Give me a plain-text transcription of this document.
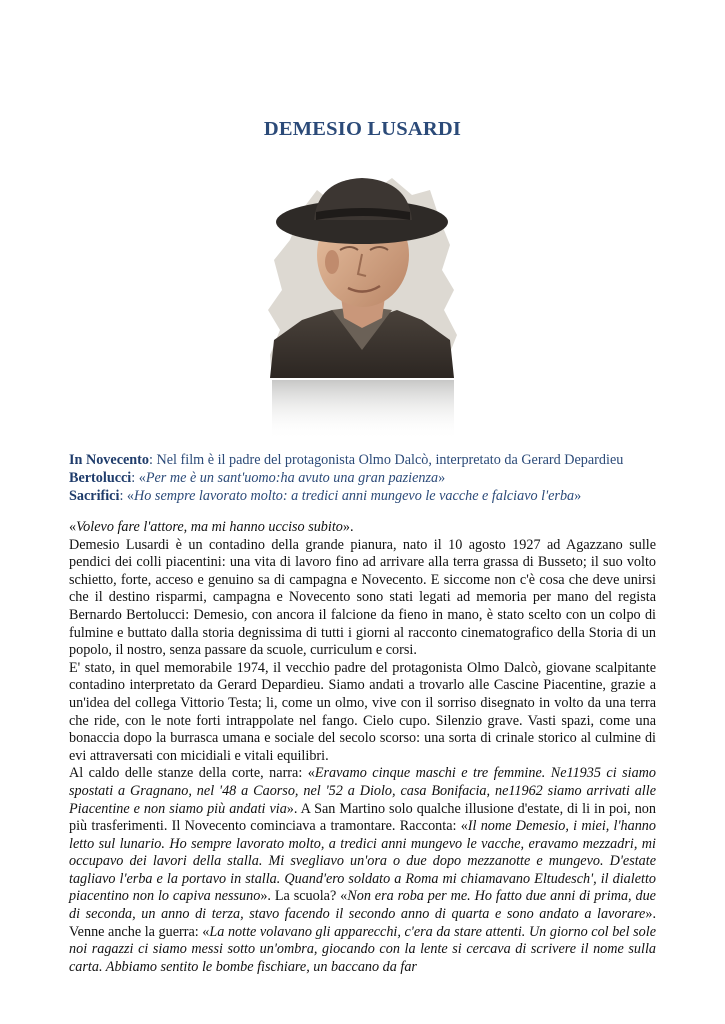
DEMESIO LUSARDI
In Novecento: Nel film è il padre del protagonista Olmo Dalcò, interpretato da Gerard Depardieu
Bertolucci: «Per me è un sant'uomo:ha avuto una gran pazienza»
Sacrifici: «Ho sempre lavorato molto: a tredici anni mungevo le vacche e falciavo l'erba»

«Volevo fare l'attore, ma mi hanno ucciso subito».

Demesio Lusardi è un contadino della grande pianura, nato il 10 agosto 1927 ad Agazzano sulle pendici dei colli piacentini: una vita di lavoro fino ad arrivare alla terra grassa di Busseto; il suo volto schietto, forte, acceso e genuino sa di campagna e Novecento. E siccome non c'è cosa che deve unirsi che il destino risparmi, campagna e Novecento sono stati legati ad memoria per mano del regista Bernardo Bertolucci: Demesio, con ancora il falcione da fieno in mano, è stato scelto con un colpo di fulmine e buttato dalla storia degnissima di tutti i giorni al racconto cinematografico della Storia di un popolo, il nostro, senza passare da scuole, curriculum e corsi.

E' stato, in quel memorabile 1974, il vecchio padre del protagonista Olmo Dalcò, giovane scalpitante contadino interpretato da Gerard Depardieu. Siamo andati a trovarlo alle Cascine Piacentine, grazie a un'idea del collega Vittorio Testa; li, come un olmo, vive con il sorriso disegnato in volto da una terra che ride, con le note forti intrappolate nel fango. Cielo cupo. Silenzio grave. Vasti spazi, come una bonaccia dopo la burrasca umana e sociale del secolo scorso: una sorta di crinale storico al culmine di evi attraversati con micidiali e vitali equilibri.

Al caldo delle stanze della corte, narra: «Eravamo cinque maschi e tre femmine. Ne11935 ci siamo spostati a Gragnano, nel '48 a Caorso, nel '52 a Diolo, casa Bonifacia, ne11962 siamo arrivati alle Piacentine e non siamo più andati via». A San Martino solo qualche illusione d'estate, di li in poi, non più trasferimenti. Il Novecento cominciava a tramontare. Racconta: «Il nome Demesio, i miei, l'hanno letto sul lunario. Ho sempre lavorato molto, a tredici anni mungevo le vacche, eravamo mezzadri, mi occupavo dei lavori della stalla. Mi svegliavo un'ora o due dopo mezzanotte e mungevo. D'estate tagliavo l'erba e la portavo in stalla. Quand'ero soldato a Roma mi chiamavano Eltudesch', il dialetto piacentino non lo capiva nessuno». La scuola? «Non era roba per me. Ho fatto due anni di prima, due di seconda, un anno di terza, stavo facendo il secondo anno di quarta e sono andato a lavorare». Venne anche la guerra: «La notte volavano gli apparecchi, c'era da stare attenti. Un giorno col bel sole noi ragazzi ci siamo messi sotto un'ombra, giocando con la lente si cercava di scrivere il nome sulla carta. Abbiamo sentito le bombe fischiare, un baccano da far
